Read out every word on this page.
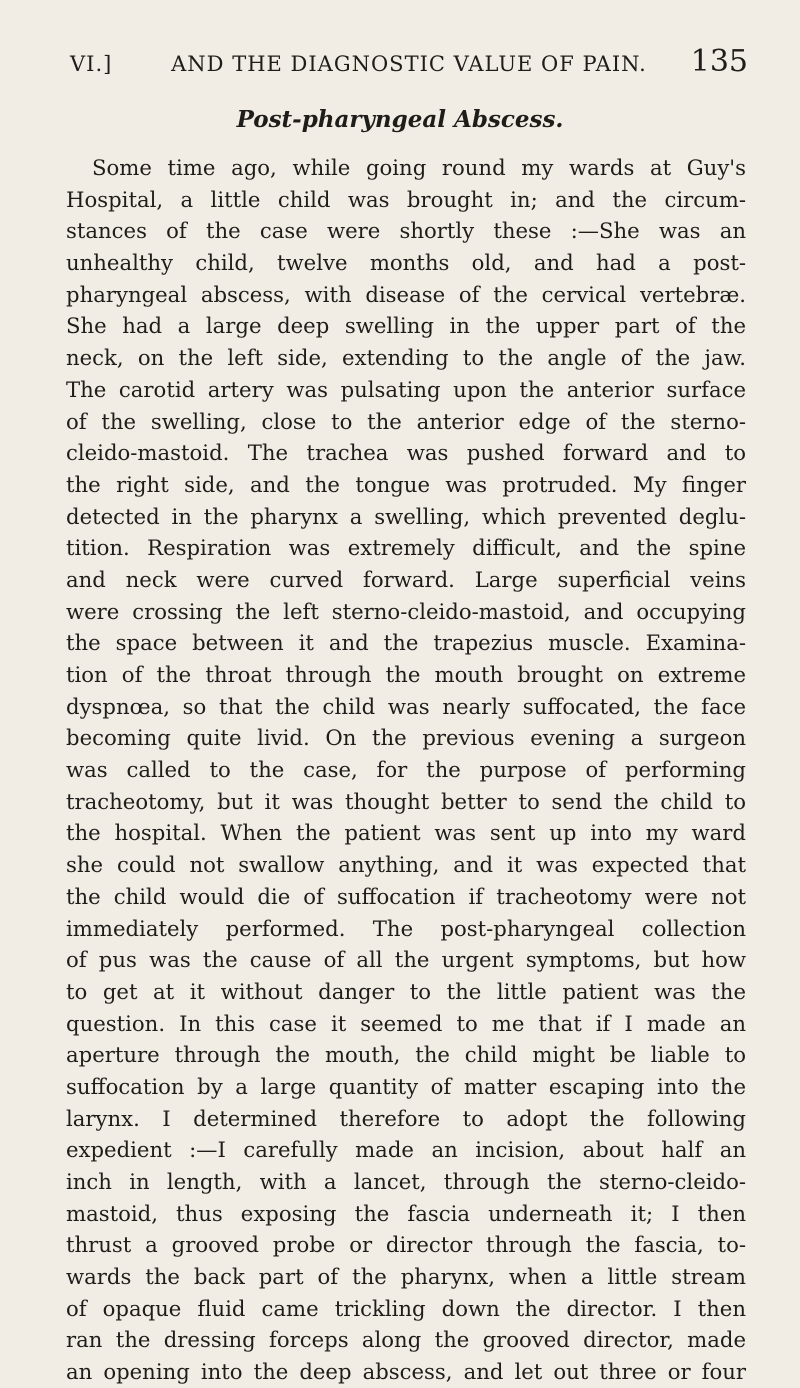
VI.]	AND THE DIAGNOSTIC VALUE OF PAIN.	135
Post-pharyngeal Abscess.
Some time ago, while going round my wards at Guy's
Hospital, a little child was brought in; and the circum-
stances of the case were shortly these :—She was an
unhealthy child, twelve months old, and had a post-
pharyngeal abscess, with disease of the cervical vertebræ.
She had a large deep swelling in the upper part of the
neck, on the left side, extending to the angle of the jaw.
The carotid artery was pulsating upon the anterior surface
of the swelling, close to the anterior edge of the sterno-
cleido-mastoid. The trachea was pushed forward and to
the right side, and the tongue was protruded. My finger
detected in the pharynx a swelling, which prevented deglu-
tition. Respiration was extremely difficult, and the spine
and neck were curved forward. Large superficial veins
were crossing the left sterno-cleido-mastoid, and occupying
the space between it and the trapezius muscle. Examina-
tion of the throat through the mouth brought on extreme
dyspnœa, so that the child was nearly suffocated, the face
becoming quite livid. On the previous evening a surgeon
was called to the case, for the purpose of performing
tracheotomy, but it was thought better to send the child to
the hospital. When the patient was sent up into my ward
she could not swallow anything, and it was expected that
the child would die of suffocation if tracheotomy were not
immediately performed. The post-pharyngeal collection
of pus was the cause of all the urgent symptoms, but how
to get at it without danger to the little patient was the
question. In this case it seemed to me that if I made an
aperture through the mouth, the child might be liable to
suffocation by a large quantity of matter escaping into the
larynx. I determined therefore to adopt the following
expedient :—I carefully made an incision, about half an
inch in length, with a lancet, through the sterno-cleido-
mastoid, thus exposing the fascia underneath it; I then
thrust a grooved probe or director through the fascia, to-
wards the back part of the pharynx, when a little stream
of opaque fluid came trickling down the director. I then
ran the dressing forceps along the grooved director, made
an opening into the deep abscess, and let out three or four
